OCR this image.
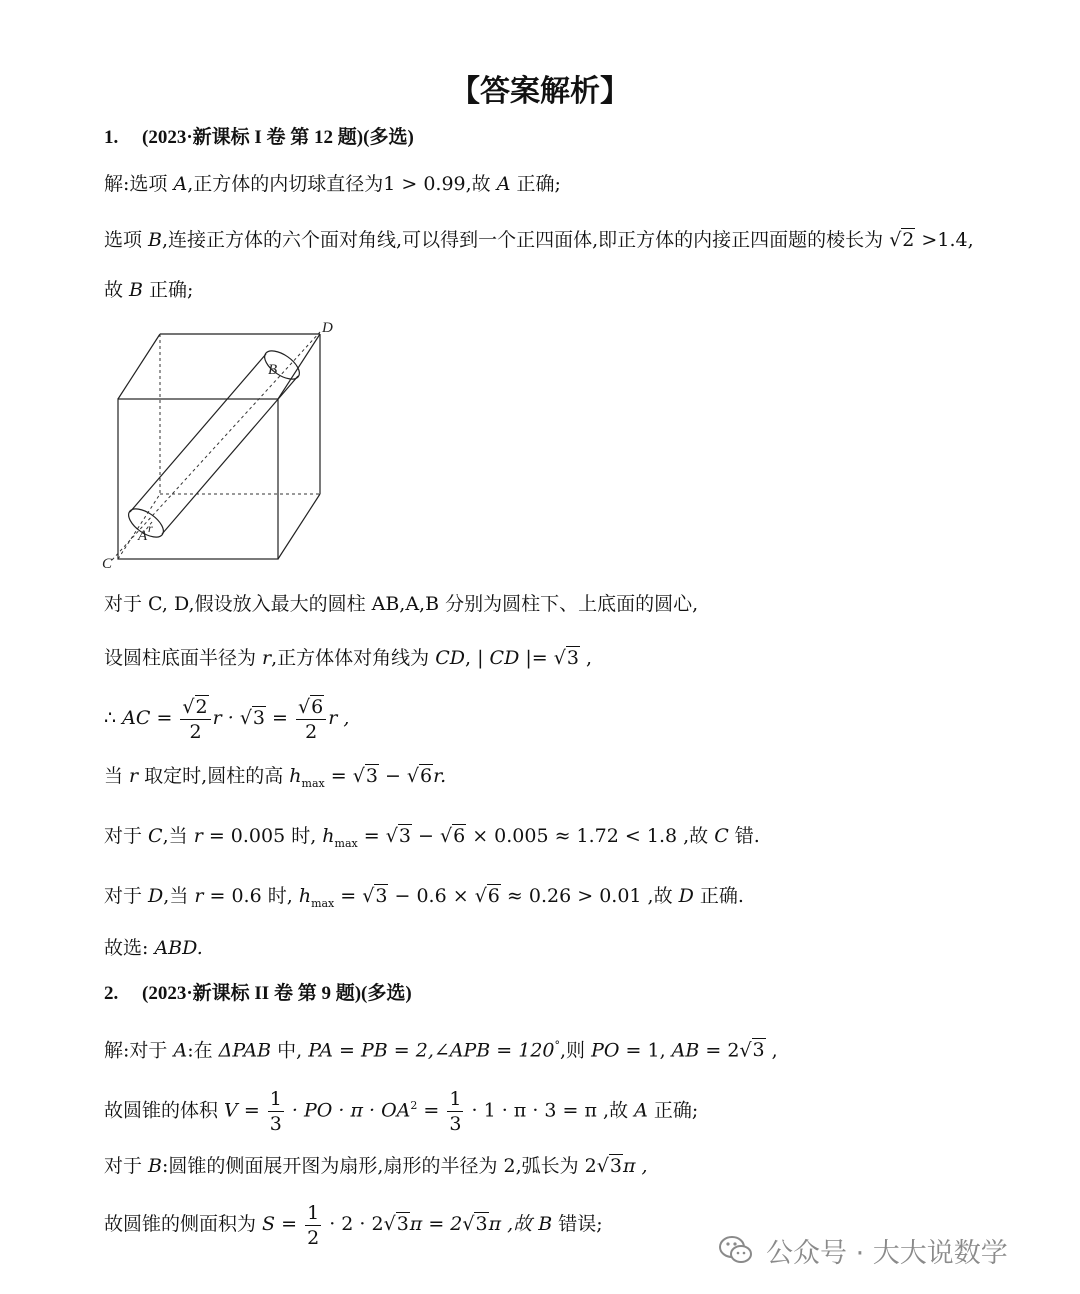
【答案解析】
1. (2023·新课标 I 卷 第 12 题)(多选)
解:选项 A,正方体的内切球直径为1 > 0.99,故 A 正确;
选项 B,连接正方体的六个面对角线,可以得到一个正四面体,即正方体的内接正四面题的棱长为 √2 >1.4,
故 B 正确;
D
B
A
C
r
对于 C, D,假设放入最大的圆柱 AB,A,B 分别为圆柱下、上底面的圆心,
设圆柱底面半径为 r,正方体体对角线为 CD, | CD |= √3 ,
∴ AC = $\frac{√2}{2}$ $r \cdot √3 = \frac{√6}{2}$ r ,
当 r 取定时,圆柱的高 $h_{max} = √3 - √6r$.
对于 C,当 r = 0.005 时, $h_{max} = √3 - √6 \times 0.005 \approx 1.72 < 1.8$ ,故 C 错.
对于 D,当 r = 0.6 时, $h_{max} = √3 - 0.6 \times √6 \approx 0.26 > 0.01$ ,故 D 正确.
故选: ABD.
2. (2023·新课标 II 卷 第 9 题)(多选)
解:对于 A:在 ΔPAB 中, PA = PB = 2,∠APB = 120°,则 PO = 1, AB = 2√3 ,
故圆锥的体积 $V = \frac{1}{3}$ · PO · $\pi \cdot OA^2 = \frac{1}{3} \cdot 1 \cdot \pi \cdot 3 = \pi$ ,故 A 正确;
对于 B:圆锥的侧面展开图为扇形,扇形的半径为 2,弧长为 2√3π ,
故圆锥的侧面积为 $S = \frac{1}{2} \cdot 2 \cdot 2√3\pi = 2√3\pi$ ,故 B 错误;
公众号 · 大大说数学
